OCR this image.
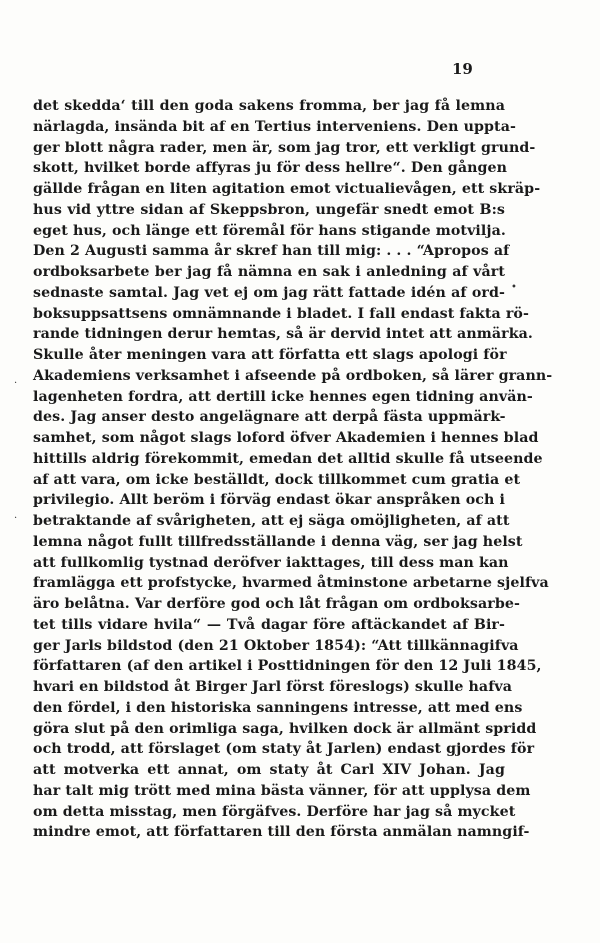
19
det skedda‘ till den goda sakens fromma, ber jag få lemna
närlagda, insända bit af en Tertius interveniens. Den uppta-
ger blott några rader, men är, som jag tror, ett verkligt grund-
skott, hvilket borde affyras ju för dess hellre“. Den gången
gällde frågan en liten agitation emot victualievågen, ett skräp-
hus vid yttre sidan af Skeppsbron, ungefär snedt emot B:s
eget hus, och länge ett föremål för hans stigande motvilja.
Den 2 Augusti samma år skref han till mig: . . . “Apropos af
ordboksarbete ber jag få nämna en sak i anledning af vårt
sednaste samtal. Jag vet ej om jag rätt fattade idén af ord-
boksuppsattsens omnämnande i bladet. I fall endast fakta rö-
rande tidningen derur hemtas, så är dervid intet att anmärka.
Skulle åter meningen vara att författa ett slags apologi för
Akademiens verksamhet i afseende på ordboken, så lärer grann-
lagenheten fordra, att dertill icke hennes egen tidning använ-
des. Jag anser desto angelägnare att derpå fästa uppmärk-
samhet, som något slags loford öfver Akademien i hennes blad
hittills aldrig förekommit, emedan det alltid skulle få utseende
af att vara, om icke beställdt, dock tillkommet cum gratia et
privilegio. Allt beröm i förväg endast ökar anspråken och i
betraktande af svårigheten, att ej säga omöjligheten, af att
lemna något fullt tillfredsställande i denna väg, ser jag helst
att fullkomlig tystnad deröfver iakttages, till dess man kan
framlägga ett profstycke, hvarmed åtminstone arbetarne sjelfva
äro belåtna. Var derföre god och låt frågan om ordboksarbe-
tet tills vidare hvila“ — Två dagar före aftäckandet af Bir-
ger Jarls bildstod (den 21 Oktober 1854): “Att tillkännagifva
författaren (af den artikel i Posttidningen för den 12 Juli 1845,
hvari en bildstod åt Birger Jarl först föreslogs) skulle hafva
den fördel, i den historiska sanningens intresse, att med ens
göra slut på den orimliga saga, hvilken dock är allmänt spridd
och trodd, att förslaget (om staty åt Jarlen) endast gjordes för
att motverka ett annat, om staty åt Carl XIV Johan. Jag
har talt mig trött med mina bästa vänner, för att upplysa dem
om detta misstag, men förgäfves. Derföre har jag så mycket
mindre emot, att författaren till den första anmälan namngif-
•
.
.
